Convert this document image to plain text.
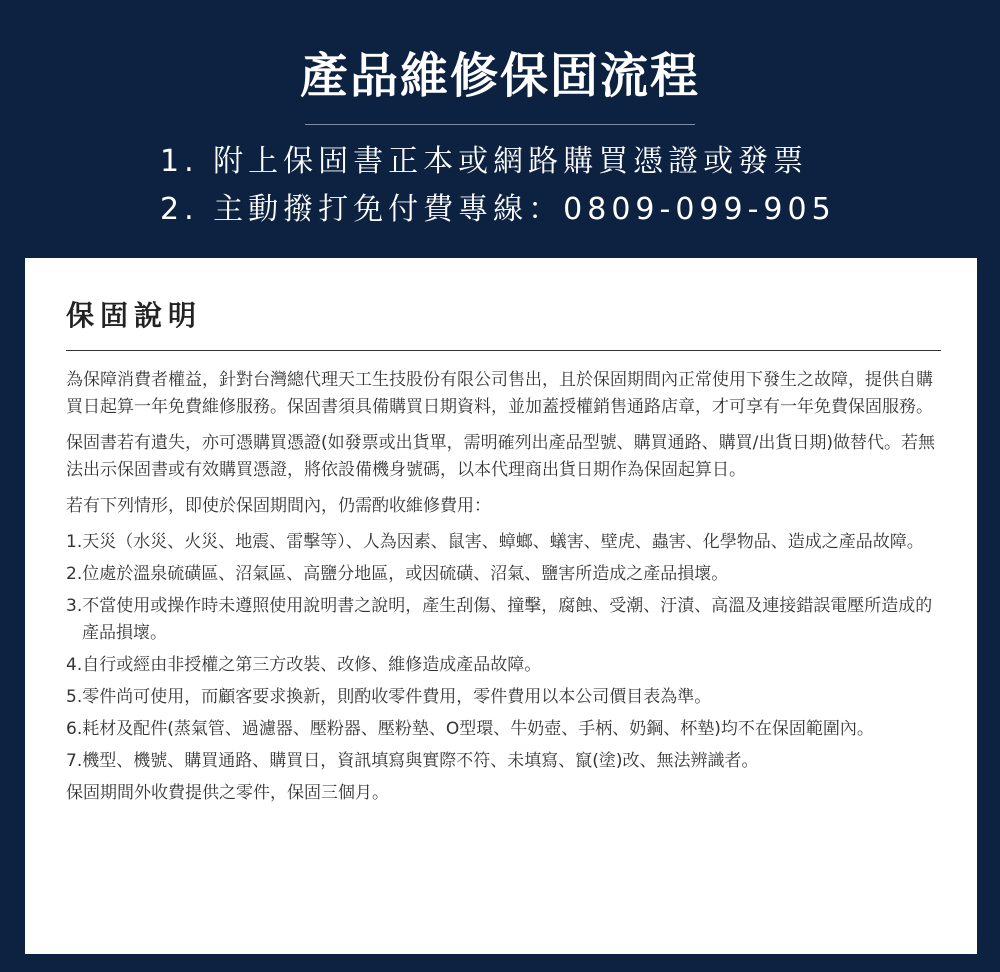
產品維修保固流程
1. 附上保固書正本或網路購買憑證或發票
2. 主動撥打免付費專線：0809-099-905
保固說明

為保障消費者權益，針對台灣總代理天工生技股份有限公司售出，且於保固期間內正常使用下發生之故障，提供自購買日起算一年免費維修服務。保固書須具備購買日期資料，並加蓋授權銷售通路店章，才可享有一年免費保固服務。

保固書若有遺失，亦可憑購買憑證(如發票或出貨單，需明確列出產品型號、購買通路、購買/出貨日期)做替代。若無法出示保固書或有效購買憑證，將依設備機身號碼，以本代理商出貨日期作為保固起算日。

若有下列情形，即使於保固期間內，仍需酌收維修費用：

1.天災（水災、火災、地震、雷擊等）、人為因素、鼠害、蟑螂、蟻害、壁虎、蟲害、化學物品、造成之產品故障。

2.位處於溫泉硫磺區、沼氣區、高鹽分地區，或因硫磺、沼氣、鹽害所造成之產品損壞。

3.不當使用或操作時未遵照使用說明書之說明，產生刮傷、撞擊，腐蝕、受潮、汙漬、高溫及連接錯誤電壓所造成的產品損壞。

4.自行或經由非授權之第三方改裝、改修、維修造成產品故障。

5.零件尚可使用，而顧客要求換新，則酌收零件費用，零件費用以本公司價目表為準。

6.耗材及配件(蒸氣管、過濾器、壓粉器、壓粉墊、O型環、牛奶壺、手柄、奶鋼、杯墊)均不在保固範圍內。

7.機型、機號、購買通路、購買日，資訊填寫與實際不符、未填寫、竄(塗)改、無法辨識者。

保固期間外收費提供之零件，保固三個月。
